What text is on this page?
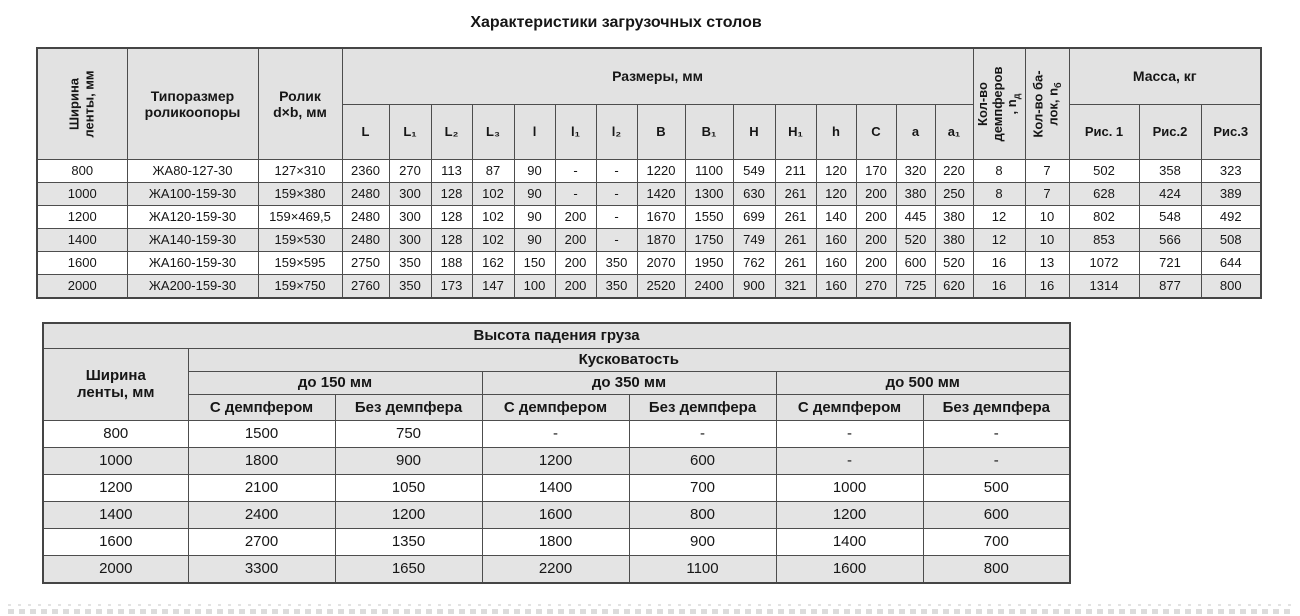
Характеристики загрузочных столов
Ширина
ленты, мм	Типоразмер
роликоопоры	Ролик
d×b, мм	Размеры, мм															Кол-во
демпферов
, $n_д$	Кол-во ба-
лок, $n_б$	Масса, кг		
			L	L₁	L₂	L₃	l	l₁	l₂	B	B₁	H	H₁	h	C	a	a₁			Рис. 1	Рис.2	Рис.3
800	ЖА80-127-30	127×310	2360	270	113	87	90	-	-	1220	1100	549	211	120	170	320	220	8	7	502	358	323
1000	ЖА100-159-30	159×380	2480	300	128	102	90	-	-	1420	1300	630	261	120	200	380	250	8	7	628	424	389
1200	ЖА120-159-30	159×469,5	2480	300	128	102	90	200	-	1670	1550	699	261	140	200	445	380	12	10	802	548	492
1400	ЖА140-159-30	159×530	2480	300	128	102	90	200	-	1870	1750	749	261	160	200	520	380	12	10	853	566	508
1600	ЖА160-159-30	159×595	2750	350	188	162	150	200	350	2070	1950	762	261	160	200	600	520	16	13	1072	721	644
2000	ЖА200-159-30	159×750	2760	350	173	147	100	200	350	2520	2400	900	321	160	270	725	620	16	16	1314	877	800
Высота падения груза						
Ширина
ленты, мм	Кусковатость					
	до 150 мм		до 350 мм		до 500 мм	
	С демпфером	Без демпфера	С демпфером	Без демпфера	С демпфером	Без демпфера
800	1500	750	-	-	-	-
1000	1800	900	1200	600	-	-
1200	2100	1050	1400	700	1000	500
1400	2400	1200	1600	800	1200	600
1600	2700	1350	1800	900	1400	700
2000	3300	1650	2200	1100	1600	800
